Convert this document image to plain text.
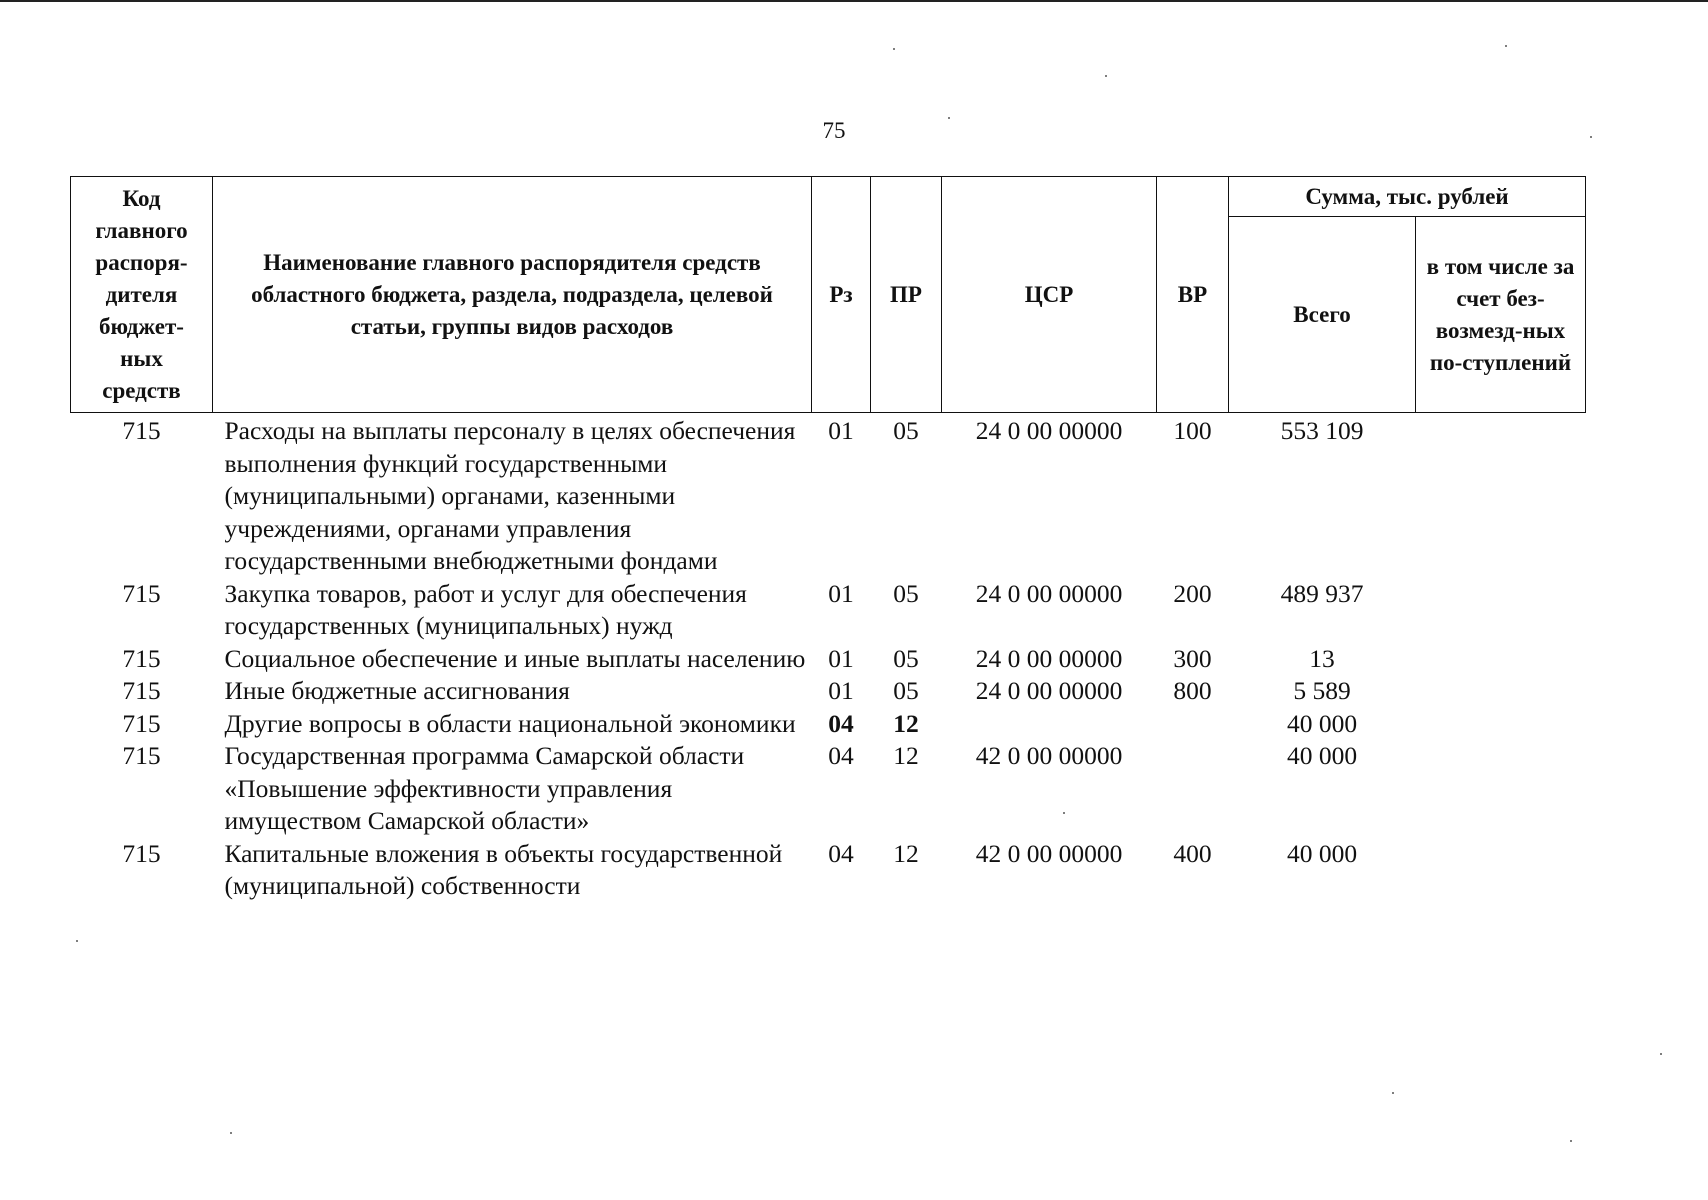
75
Код главного распоря-дителя бюджет-ных средств	Наименование главного распорядителя средств областного бюджета, раздела, подраздела, целевой статьи, группы видов расходов	Рз	ПР	ЦСР	ВР	Сумма, тыс. рублей	
						Всего	в том числе за счет без-возмезд-ных по-ступлений

715	Расходы на выплаты персоналу в целях обеспечения выполнения функций государственными (муниципальными) органами, казенными учреждениями, органами управления государственными внебюджетными фондами	01	05	24 0 00 00000	100	553 109	
715	Закупка товаров, работ и услуг для обеспечения государственных (муниципальных) нужд	01	05	24 0 00 00000	200	489 937	
715	Социальное обеспечение и иные выплаты населению	01	05	24 0 00 00000	300	13	
715	Иные бюджетные ассигнования	01	05	24 0 00 00000	800	5 589	
715	Другие вопросы в области национальной экономики	04	12			40 000	
715	Государственная программа Самарской области «Повышение эффективности управления имуществом Самарской области»	04	12	42 0 00 00000		40 000	
715	Капитальные вложения в объекты государственной (муниципальной) собственности	04	12	42 0 00 00000	400	40 000	
